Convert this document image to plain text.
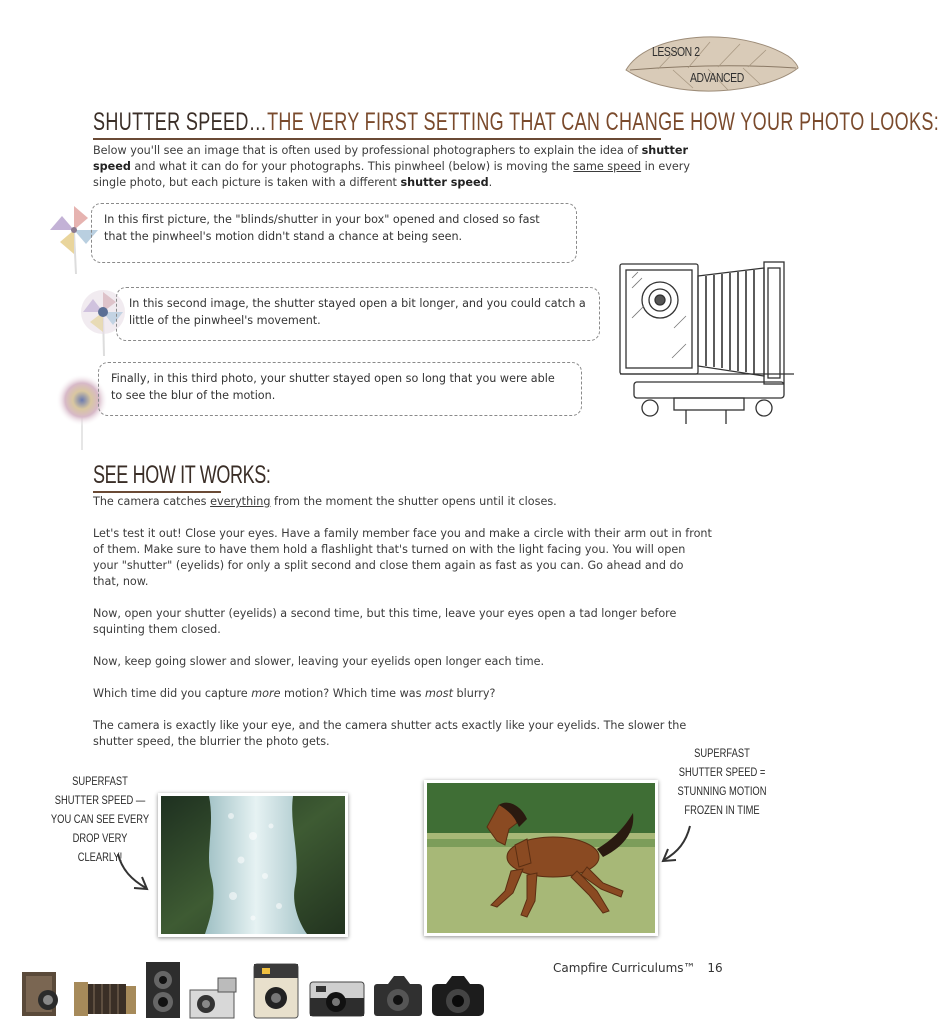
LESSON 2
ADVANCED
SHUTTER SPEED…THE VERY FIRST SETTING THAT CAN CHANGE HOW YOUR PHOTO LOOKS:
Below you'll see an image that is often used by professional photographers to explain the idea of shutter speed and what it can do for your photographs. This pinwheel (below) is moving the same speed in every single photo, but each picture is taken with a different shutter speed.
In this first picture, the "blinds/shutter in your box" opened and closed so fast that the pinwheel's motion didn't stand a chance at being seen.
In this second image, the shutter stayed open a bit longer, and you could catch a little of the pinwheel's movement.
Finally, in this third photo, your shutter stayed open so long that you were able to see the blur of the motion.
SEE HOW IT WORKS:
The camera catches everything from the moment the shutter opens until it closes.
Let's test it out! Close your eyes. Have a family member face you and make a circle with their arm out in front of them. Make sure to have them hold a flashlight that's turned on with the light facing you. You will open your "shutter" (eyelids) for only a split second and close them again as fast as you can. Go ahead and do that, now.
Now, open your shutter (eyelids) a second time, but this time, leave your eyes open a tad longer before squinting them closed.
Now, keep going slower and slower, leaving your eyelids open longer each time.
Which time did you capture more motion? Which time was most blurry?
The camera is exactly like your eye, and the camera shutter acts exactly like your eyelids. The slower the shutter speed, the blurrier the photo gets.
SUPERFAST SHUTTER SPEED — YOU CAN SEE EVERY DROP VERY CLEARLY!
SUPERFAST SHUTTER SPEED = STUNNING MOTION FROZEN IN TIME
Campfire Curriculums™ 16
